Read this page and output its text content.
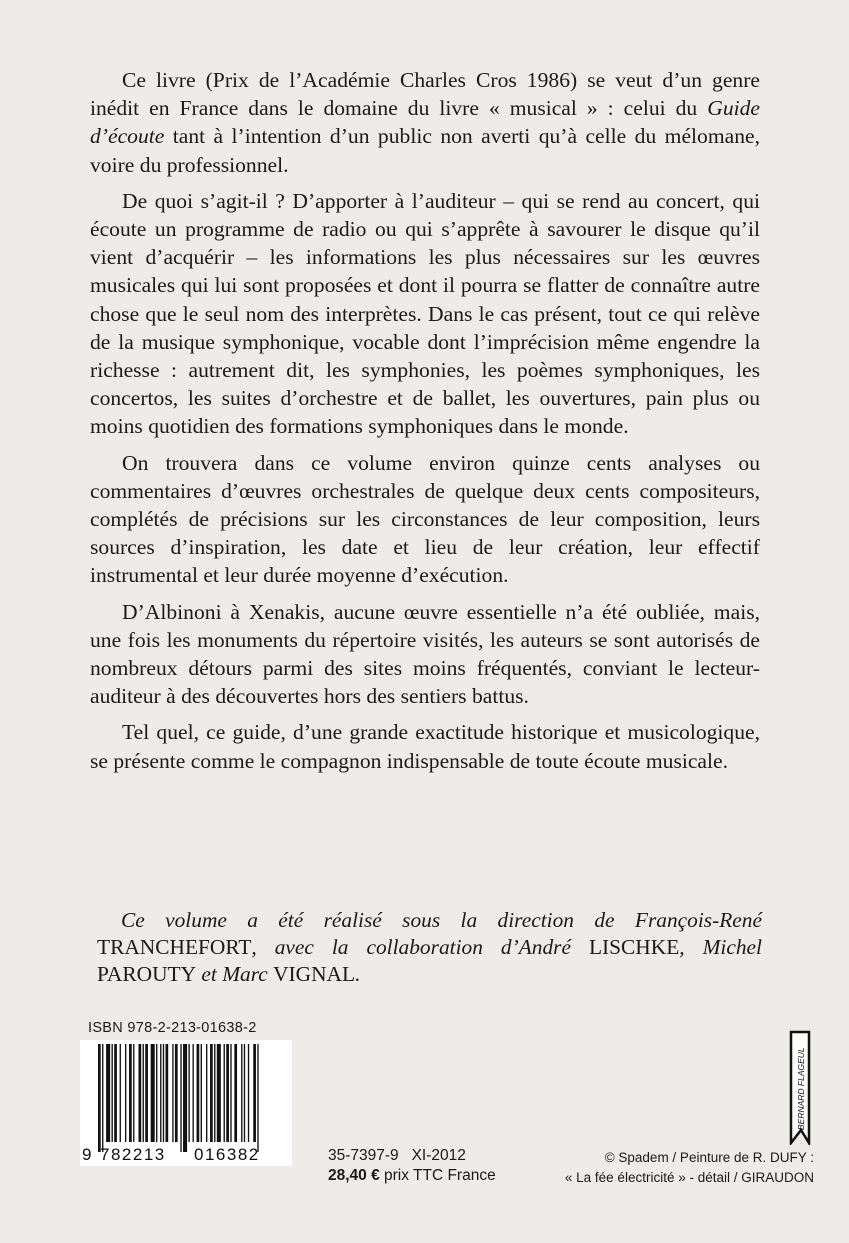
Ce livre (Prix de l’Académie Charles Cros 1986) se veut d’un genre inédit en France dans le domaine du livre « musical » : celui du Guide d’écoute tant à l’intention d’un public non averti qu’à celle du mélomane, voire du professionnel.

De quoi s’agit-il ? D’apporter à l’auditeur – qui se rend au concert, qui écoute un programme de radio ou qui s’apprête à savourer le disque qu’il vient d’acquérir – les informations les plus nécessaires sur les œuvres musicales qui lui sont proposées et dont il pourra se flatter de connaître autre chose que le seul nom des interprètes. Dans le cas présent, tout ce qui relève de la musique symphonique, vocable dont l’imprécision même engendre la richesse : autrement dit, les symphonies, les poèmes symphoniques, les concertos, les suites d’orchestre et de ballet, les ouvertures, pain plus ou moins quotidien des formations symphoniques dans le monde.

On trouvera dans ce volume environ quinze cents analyses ou commentaires d’œuvres orchestrales de quelque deux cents compositeurs, complétés de précisions sur les circonstances de leur composition, leurs sources d’inspiration, les date et lieu de leur création, leur effectif instrumental et leur durée moyenne d’exécution.

D’Albinoni à Xenakis, aucune œuvre essentielle n’a été oubliée, mais, une fois les monuments du répertoire visités, les auteurs se sont autorisés de nombreux détours parmi des sites moins fréquentés, conviant le lecteur-auditeur à des découvertes hors des sentiers battus.

Tel quel, ce guide, d’une grande exactitude historique et musicologique, se présente comme le compagnon indispensable de toute écoute musicale.

Ce volume a été réalisé sous la direction de François-René TRANCHEFORT, avec la collaboration d’André LISCHKE, Michel PAROUTY et Marc VIGNAL.
ISBN 978-2-213-01638-2
9 782213 016382	35-7397-9 XI-2012
28,40 € prix TTC France
© Spadem / Peinture de R. DUFY :
« La fée électricité » - détail / GIRAUDON
BERNARD FLAGEUL
